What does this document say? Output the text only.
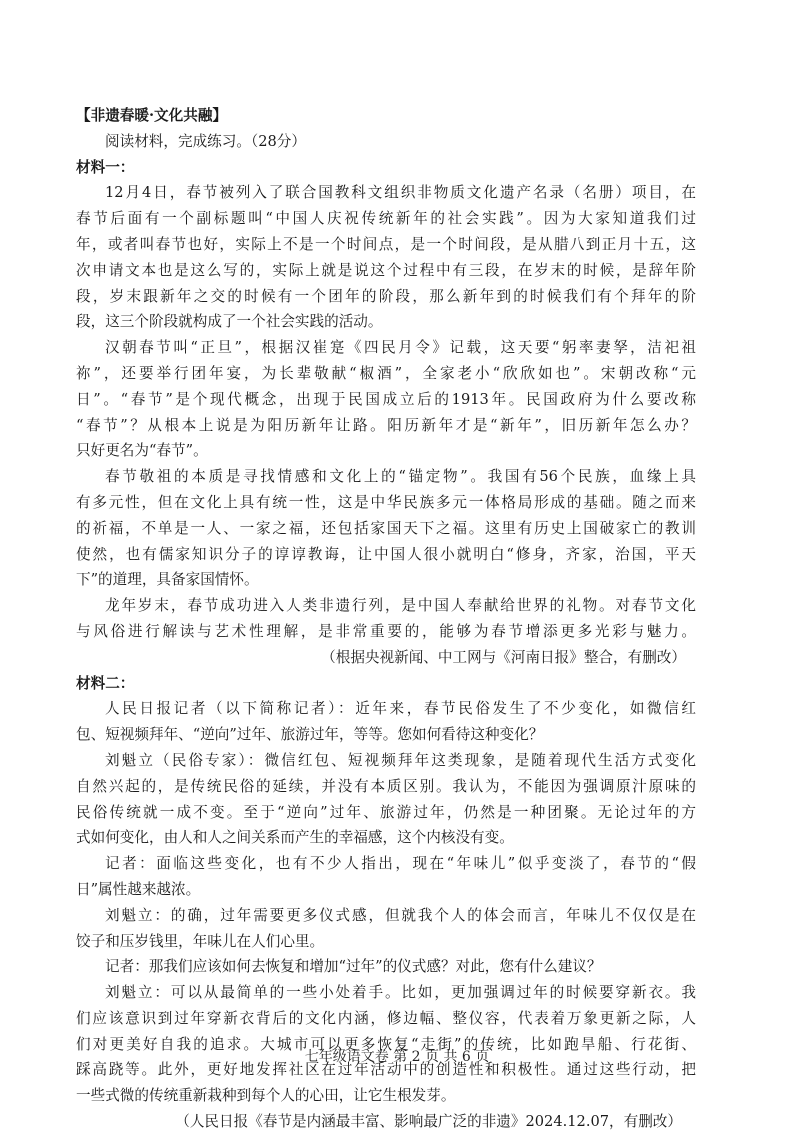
【非遗春暖·文化共融】
阅读材料，完成练习。（28分）
材料一：
12月4日，春节被列入了联合国教科文组织非物质文化遗产名录（名册）项目，在
春节后面有一个副标题叫“中国人庆祝传统新年的社会实践”。因为大家知道我们过
年，或者叫春节也好，实际上不是一个时间点，是一个时间段，是从腊八到正月十五，这
次申请文本也是这么写的，实际上就是说这个过程中有三段，在岁末的时候，是辞年阶
段，岁末跟新年之交的时候有一个团年的阶段，那么新年到的时候我们有个拜年的阶
段，这三个阶段就构成了一个社会实践的活动。
汉朝春节叫“正旦”，根据汉崔寔《四民月令》记载，这天要“躬率妻孥，洁祀祖
祢”，还要举行团年宴，为长辈敬献“椒酒”，全家老小“欣欣如也”。宋朝改称“元
日”。“春节”是个现代概念，出现于民国成立后的1913年。民国政府为什么要改称
“春节”？从根本上说是为阳历新年让路。阳历新年才是“新年”，旧历新年怎么办？
只好更名为“春节”。
春节敬祖的本质是寻找情感和文化上的“锚定物”。我国有56个民族，血缘上具
有多元性，但在文化上具有统一性，这是中华民族多元一体格局形成的基础。随之而来
的祈福，不单是一人、一家之福，还包括家国天下之福。这里有历史上国破家亡的教训
使然，也有儒家知识分子的谆谆教诲，让中国人很小就明白“修身，齐家，治国，平天
下”的道理，具备家国情怀。
龙年岁末，春节成功进入人类非遗行列，是中国人奉献给世界的礼物。对春节文化
与风俗进行解读与艺术性理解，是非常重要的，能够为春节增添更多光彩与魅力。
（根据央视新闻、中工网与《河南日报》整合，有删改）
材料二：
人民日报记者（以下简称记者）：近年来，春节民俗发生了不少变化，如微信红
包、短视频拜年、“逆向”过年、旅游过年，等等。您如何看待这种变化？
刘魁立（民俗专家）：微信红包、短视频拜年这类现象，是随着现代生活方式变化
自然兴起的，是传统民俗的延续，并没有本质区别。我认为，不能因为强调原汁原味的
民俗传统就一成不变。至于“逆向”过年、旅游过年，仍然是一种团聚。无论过年的方
式如何变化，由人和人之间关系而产生的幸福感，这个内核没有变。
记者：面临这些变化，也有不少人指出，现在“年味儿”似乎变淡了，春节的“假
日”属性越来越浓。
刘魁立：的确，过年需要更多仪式感，但就我个人的体会而言，年味儿不仅仅是在
饺子和压岁钱里，年味儿在人们心里。
记者：那我们应该如何去恢复和增加“过年”的仪式感？对此，您有什么建议？
刘魁立：可以从最简单的一些小处着手。比如，更加强调过年的时候要穿新衣。我
们应该意识到过年穿新衣背后的文化内涵，修边幅、整仪容，代表着万象更新之际，人
们对更美好自我的追求。大城市可以更多恢复“走街”的传统，比如跑旱船、行花街、
踩高跷等。此外，更好地发挥社区在过年活动中的创造性和积极性。通过这些行动，把
一些式微的传统重新栽种到每个人的心田，让它生根发芽。
（人民日报《春节是内涵最丰富、影响最广泛的非遗》2024.12.07，有删改）
七年级语文卷 第 2 页 共 6 页
